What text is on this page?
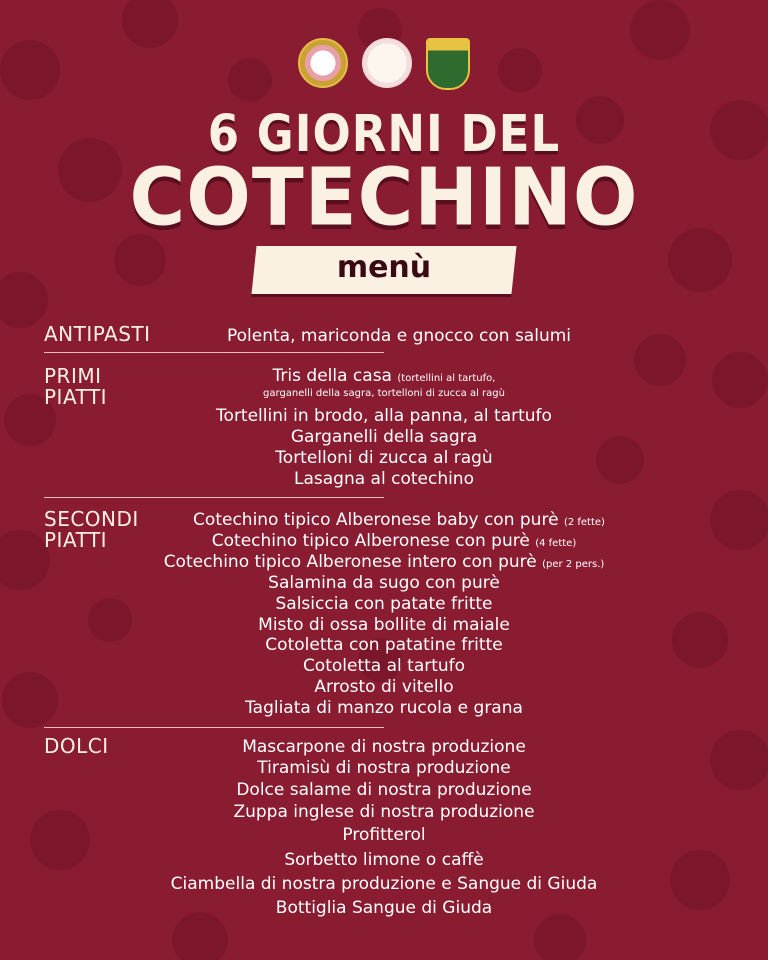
6 GIORNI DEL
COTECHINO
menù
ANTIPASTI	Polenta, mariconda e gnocco con salumi
PRIMI
PIATTI
Tris della casa (tortellini al tartufo,
garganelli della sagra, tortelloni di zucca al ragù
Tortellini in brodo, alla panna, al tartufo
Garganelli della sagra
Tortelloni di zucca al ragù
Lasagna al cotechino
SECONDI
PIATTI
Cotechino tipico Alberonese baby con purè (2 fette)
Cotechino tipico Alberonese con purè (4 fette)
Cotechino tipico Alberonese intero con purè (per 2 pers.)
Salamina da sugo con purè
Salsiccia con patate fritte
Misto di ossa bollite di maiale
Cotoletta con patatine fritte
Cotoletta al tartufo
Arrosto di vitello
Tagliata di manzo rucola e grana
DOLCI	Mascarpone di nostra produzione
Tiramisù di nostra produzione
Dolce salame di nostra produzione
Zuppa inglese di nostra produzione
Profitterol
Sorbetto limone o caffè
Ciambella di nostra produzione e Sangue di Giuda
Bottiglia Sangue di Giuda
